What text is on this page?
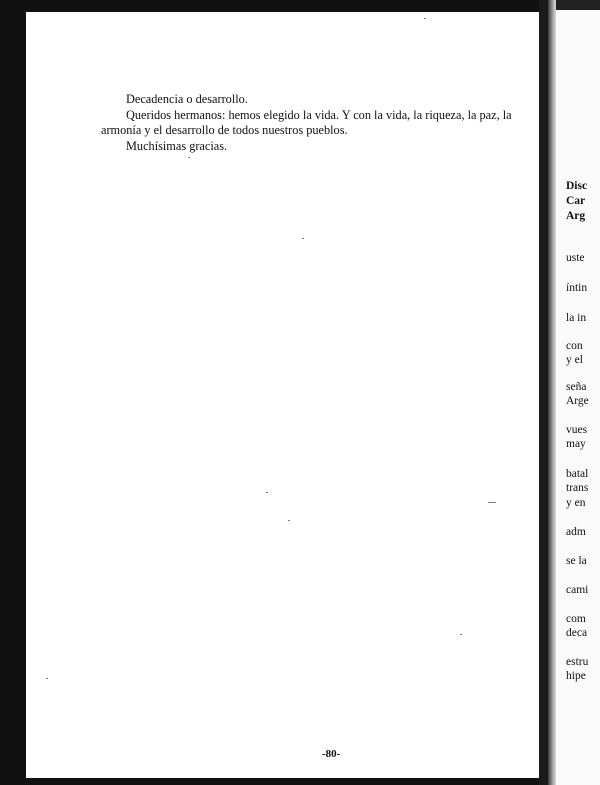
Decadencia o desarrollo.

Queridos hermanos: hemos elegido la vida. Y con la vida, la riqueza, la paz, la

armonía y el desarrollo de todos nuestros pueblos.

Muchísimas gracias.

-80-

Disc

Car

Arg

uste

íntin

la in

con

y el

seña

Arge

vues

may

batal

trans

y en

adm

se la

cami

com

deca

estru

hipe
